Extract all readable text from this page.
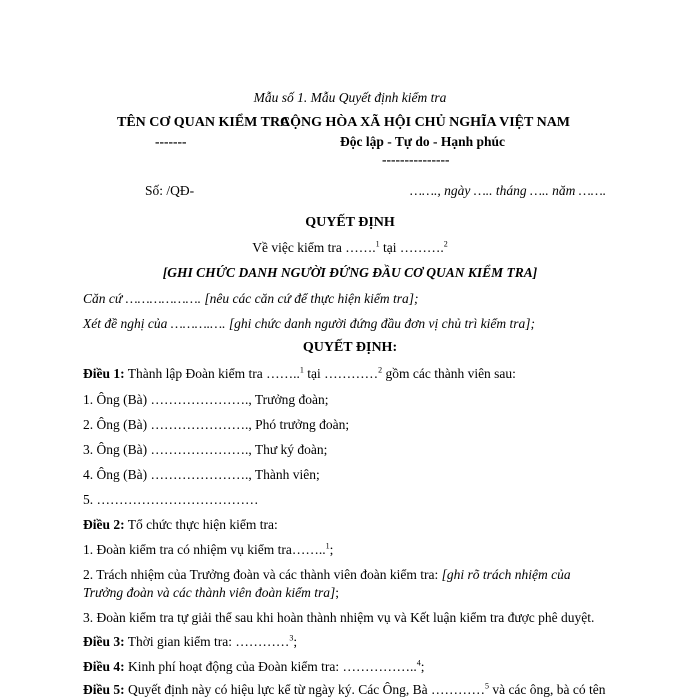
Mẫu số 1. Mẫu Quyết định kiểm tra
TÊN CƠ QUAN KIỂM TRA
-------
CỘNG HÒA XÃ HỘI CHỦ NGHĨA VIỆT NAM
Độc lập - Tự do - Hạnh phúc
---------------
Số: /QĐ-	……., ngày ….. tháng ….. năm …….
QUYẾT ĐỊNH
Về việc kiểm tra …….$^1$ tại ……….$^2$
[GHI CHỨC DANH NGƯỜI ĐỨNG ĐẦU CƠ QUAN KIỂM TRA]
Căn cứ ………………. [nêu các căn cứ để thực hiện kiểm tra];
Xét đề nghị của ……….…. [ghi chức danh người đứng đầu đơn vị chủ trì kiểm tra];
QUYẾT ĐỊNH:
Điều 1: Thành lập Đoàn kiểm tra ……..$^1$ tại …………$^2$ gồm các thành viên sau:
1. Ông (Bà) …………………., Trưởng đoàn;
2. Ông (Bà) …………………., Phó trưởng đoàn;
3. Ông (Bà) …………………., Thư ký đoàn;
4. Ông (Bà) …………………., Thành viên;
5. ………………………………
Điều 2: Tổ chức thực hiện kiểm tra:
1. Đoàn kiểm tra có nhiệm vụ kiểm tra……..$^1$;
2. Trách nhiệm của Trưởng đoàn và các thành viên đoàn kiểm tra: [ghi rõ trách nhiệm của
Trưởng đoàn và các thành viên đoàn kiểm tra];
3. Đoàn kiểm tra tự giải thể sau khi hoàn thành nhiệm vụ và Kết luận kiểm tra được phê duyệt.
Điều 3: Thời gian kiểm tra: …………$^3$;
Điều 4: Kinh phí hoạt động của Đoàn kiểm tra: ……………..$^4$;
Điều 5: Quyết định này có hiệu lực kể từ ngày ký. Các Ông, Bà …………$^5$ và các ông, bà có tên
